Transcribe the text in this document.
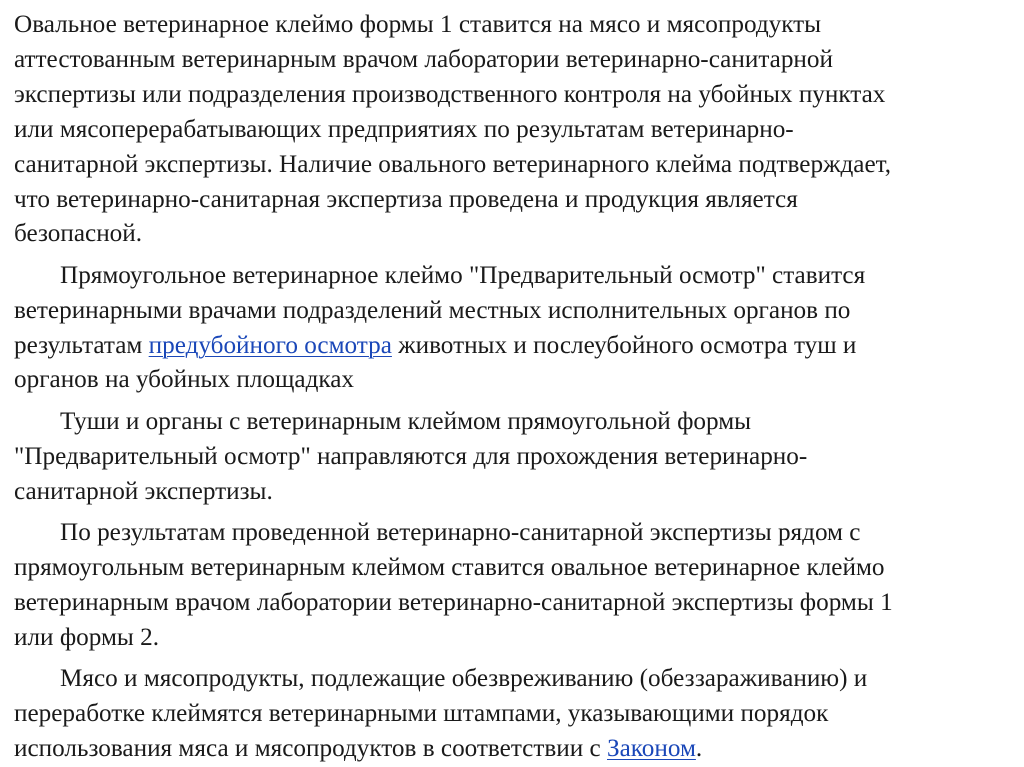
Овальное ветеринарное клеймо формы 1 ставится на мясо и мясопродукты
аттестованным ветеринарным врачом лаборатории ветеринарно-санитарной
экспертизы или подразделения производственного контроля на убойных пунктах
или мясоперерабатывающих предприятиях по результатам ветеринарно-
санитарной экспертизы. Наличие овального ветеринарного клейма подтверждает,
что ветеринарно-санитарная экспертиза проведена и продукция является
безопасной.
Прямоугольное ветеринарное клеймо "Предварительный осмотр" ставится
ветеринарными врачами подразделений местных исполнительных органов по
результатам предубойного осмотра животных и послеубойного осмотра туш и
органов на убойных площадках
Туши и органы с ветеринарным клеймом прямоугольной формы
"Предварительный осмотр" направляются для прохождения ветеринарно-
санитарной экспертизы.
По результатам проведенной ветеринарно-санитарной экспертизы рядом с
прямоугольным ветеринарным клеймом ставится овальное ветеринарное клеймо
ветеринарным врачом лаборатории ветеринарно-санитарной экспертизы формы 1
или формы 2.
Мясо и мясопродукты, подлежащие обезвреживанию (обеззараживанию) и
переработке клеймятся ветеринарными штампами, указывающими порядок
использования мяса и мясопродуктов в соответствии с Законом.
